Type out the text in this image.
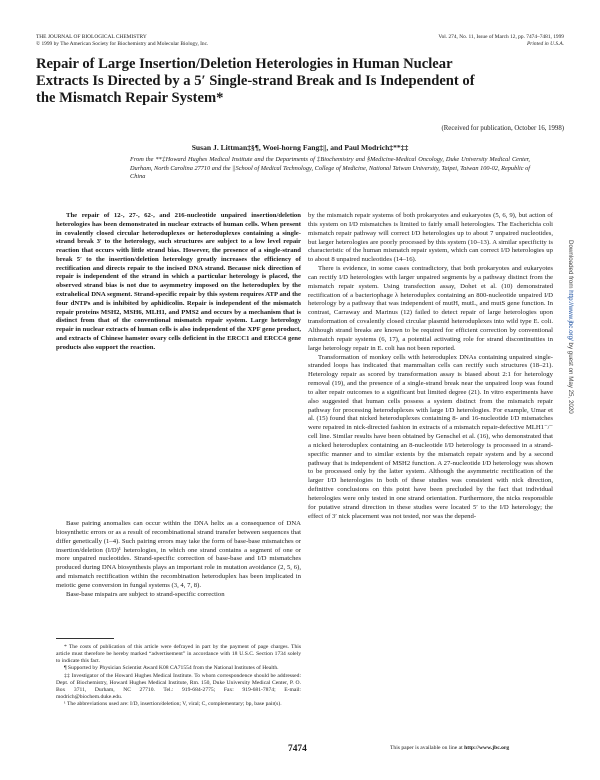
THE JOURNAL OF BIOLOGICAL CHEMISTRY
© 1999 by The American Society for Biochemistry and Molecular Biology, Inc.
Vol. 274, No. 11, Issue of March 12, pp. 7474–7481, 1999
Printed in U.S.A.
Repair of Large Insertion/Deletion Heterologies in Human Nuclear Extracts Is Directed by a 5′ Single-strand Break and Is Independent of the Mismatch Repair System*
(Received for publication, October 16, 1998)
Susan J. Littman‡§¶, Woei-horng Fang‡||, and Paul Modrich‡**‡‡
From the **‡Howard Hughes Medical Institute and the Departments of ‡Biochemistry and §Medicine-Medical Oncology, Duke University Medical Center, Durham, North Carolina 27710 and the ||School of Medical Technology, College of Medicine, National Taiwan University, Taipei, Taiwan 100-02, Republic of China
The repair of 12-, 27-, 62-, and 216-nucleotide unpaired insertion/deletion heterologies has been demonstrated in nuclear extracts of human cells. When present in covalently closed circular heteroduplexes or heteroduplexes containing a single-strand break 3′ to the heterology, such structures are subject to a low level repair reaction that occurs with little strand bias. However, the presence of a single-strand break 5′ to the insertion/deletion heterology greatly increases the efficiency of rectification and directs repair to the incised DNA strand. Because nick direction of repair is independent of the strand in which a particular heterology is placed, the observed strand bias is not due to asymmetry imposed on the heteroduplex by the extrahelical DNA segment. Strand-specific repair by this system requires ATP and the four dNTPs and is inhibited by aphidicolin. Repair is independent of the mismatch repair proteins MSH2, MSH6, MLH1, and PMS2 and occurs by a mechanism that is distinct from that of the conventional mismatch repair system. Large heterology repair in nuclear extracts of human cells is also independent of the XPF gene product, and extracts of Chinese hamster ovary cells deficient in the ERCC1 and ERCC4 gene products also support the reaction.

Base pairing anomalies can occur within the DNA helix as a consequence of DNA biosynthetic errors or as a result of recombinational strand transfer between sequences that differ genetically (1–4). Such pairing errors may take the form of base-base mismatches or insertion/deletion (I/D)¹ heterologies, in which one strand contains a segment of one or more unpaired nucleotides. Strand-specific correction of base-base and I/D mismatches produced during DNA biosynthesis plays an important role in mutation avoidance (2, 5, 6), and mismatch rectification within the recombination heteroduplex has been implicated in meiotic gene conversion in fungal systems (3, 4, 7, 8).

Base-base mispairs are subject to strand-specific correction

* The costs of publication of this article were defrayed in part by the payment of page charges. This article must therefore be hereby marked “advertisement” in accordance with 18 U.S.C. Section 1734 solely to indicate this fact.

¶ Supported by Physician Scientist Award K08 CA71554 from the National Institutes of Health.

‡‡ Investigator of the Howard Hughes Medical Institute. To whom correspondence should be addressed: Dept. of Biochemistry, Howard Hughes Medical Institute, Rm. 150, Duke University Medical Center, P. O. Box 3711, Durham, NC 27710. Tel.: 919-684-2775; Fax: 919-681-7874; E-mail: modrich@biochem.duke.edu.

¹ The abbreviations used are: I/D, insertion/deletion; V, viral; C, complementary; bp, base pair(s).

by the mismatch repair systems of both prokaryotes and eukaryotes (5, 6, 9), but action of this system on I/D mismatches is limited to fairly small heterologies. The Escherichia coli mismatch repair pathway will correct I/D heterologies up to about 7 unpaired nucleotides, but larger heterologies are poorly processed by this system (10–13). A similar specificity is characteristic of the human mismatch repair system, which can correct I/D heterologies up to about 8 unpaired nucleotides (14–16).

There is evidence, in some cases contradictory, that both prokaryotes and eukaryotes can rectify I/D heterologies with larger unpaired segments by a pathway distinct from the mismatch repair system. Using transfection assay, Dohet et al. (10) demonstrated rectification of a bacteriophage λ heteroduplex containing an 800-nucleotide unpaired I/D heterology by a pathway that was independent of mutH, mutL, and mutS gene function. In contrast, Carraway and Marinus (12) failed to detect repair of large heterologies upon transformation of covalently closed circular plasmid heteroduplexes into wild type E. coli. Although strand breaks are known to be required for efficient correction by conventional mismatch repair systems (6, 17), a potential activating role for strand discontinuities in large heterology repair in E. coli has not been reported.

Transformation of monkey cells with heteroduplex DNAs containing unpaired single-stranded loops has indicated that mammalian cells can rectify such structures (18–21). Heterology repair as scored by transformation assay is biased about 2:1 for heterology removal (19), and the presence of a single-strand break near the unpaired loop was found to alter repair outcomes to a significant but limited degree (21). In vitro experiments have also suggested that human cells possess a system distinct from the mismatch repair pathway for processing heteroduplexes with large I/D heterologies. For example, Umar et al. (15) found that nicked heteroduplexes containing 8- and 16-nucleotide I/D mismatches were repaired in nick-directed fashion in extracts of a mismatch repair-defective MLH1⁻/⁻ cell line. Similar results have been obtained by Genschel et al. (16), who demonstrated that a nicked heteroduplex containing an 8-nucleotide I/D heterology is processed in a strand-specific manner and to similar extents by the mismatch repair system and by a second pathway that is independent of MSH2 function. A 27-nucleotide I/D heterology was shown to be processed only by the latter system. Although the asymmetric rectification of the larger I/D heterologies in both of these studies was consistent with nick direction, definitive conclusions on this point have been precluded by the fact that individual heterologies were only tested in one strand orientation. Furthermore, the nicks responsible for putative strand direction in these studies were located 5′ to the I/D heterology; the effect of 3′ nick placement was not tested, nor was the depend-

7474	This paper is available on line at http://www.jbc.org
Downloaded from http://www.jbc.org/ by guest on May 25, 2020
